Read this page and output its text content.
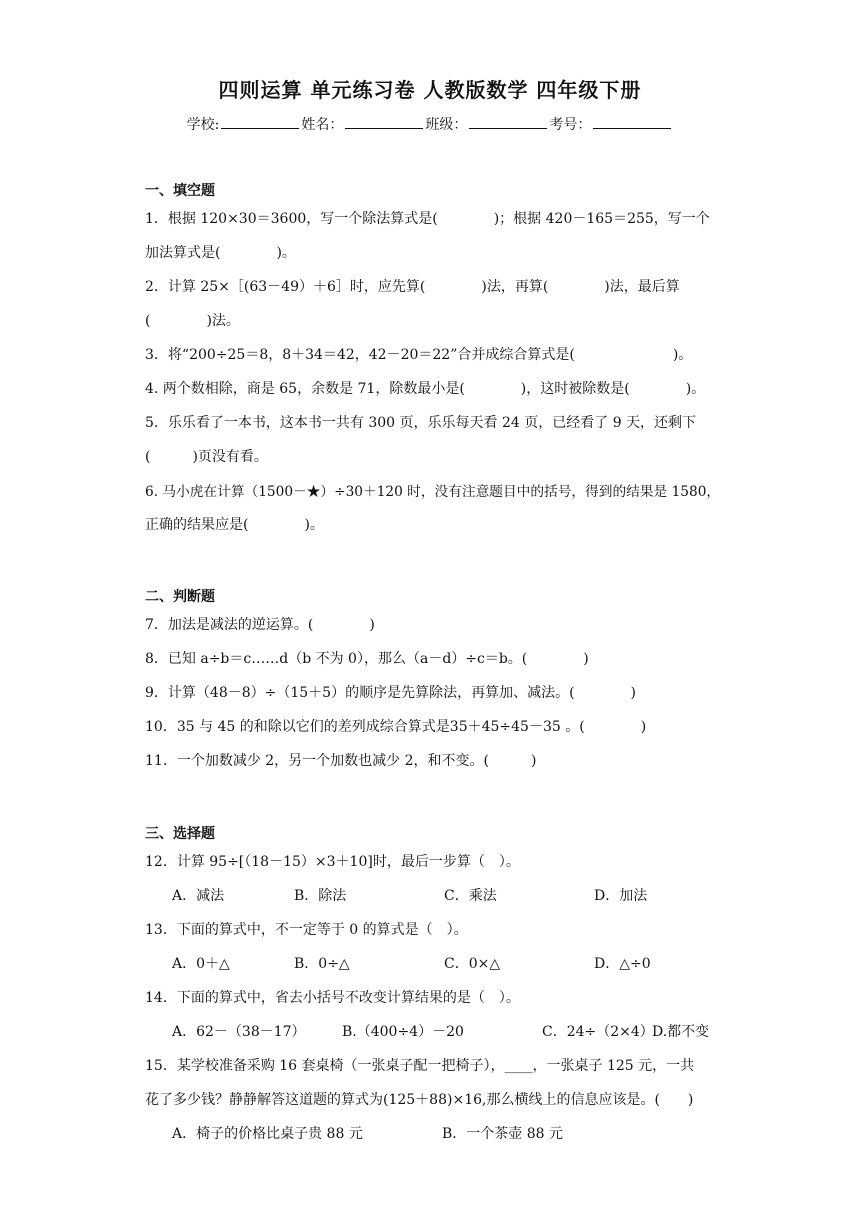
四则运算 单元练习卷 人教版数学 四年级下册
学校:	姓名：	班级：	考号：
一、填空题
1．根据 120×30＝3600，写一个除法算式是(　　　　)；根据 420－165＝255，写一个
加法算式是(　　　　)。
2．计算 25×［(63－49）＋6］时，应先算(　　　　)法，再算(　　　　)法，最后算
(　　　　)法。
3．将“200÷25＝8，8＋34＝42，42－20＝22”合并成综合算式是(　　　　　　　)。
4. 两个数相除，商是 65，余数是 71，除数最小是(　　　　)，这时被除数是(　　　　)。
5．乐乐看了一本书，这本书一共有 300 页，乐乐每天看 24 页，已经看了 9 天，还剩下
(　　　)页没有看。
6. 马小虎在计算（1500－★）÷30＋120 时，没有注意题目中的括号，得到的结果是 1580，
正确的结果应是(　　　　)。
二、判断题
7．加法是减法的逆运算。(　　　　)
8．已知 a÷b＝c……d（b 不为 0），那么（a－d）÷c＝b。(　　　　)
9．计算（48－8）÷（15＋5）的顺序是先算除法，再算加、减法。(　　　　)
10．35 与 45 的和除以它们的差列成综合算式是35＋45÷45－35 。(　　　　)
11．一个加数减少 2，另一个加数也减少 2，和不变。(　　　)
三、选择题
12．计算 95÷[（18－15）×3＋10]时，最后一步算（　）。
A．减法	B．除法	C．乘法	D．加法
13．下面的算式中，不一定等于 0 的算式是（　）。
A．0＋△	B．0÷△	C．0×△	D．△÷0
14．下面的算式中，省去小括号不改变计算结果的是（　）。
A．62－（38－17）	B.（400÷4）－20	C．24÷（2×4）
D.都不变
15．某学校准备采购 16 套桌椅（一张桌子配一把椅子），____，一张桌子 125 元，一共
花了多少钱？静静解答这道题的算式为(125＋88)×16,那么横线上的信息应该是。(　　)
A．椅子的价格比桌子贵 88 元	B．一个茶壶 88 元
